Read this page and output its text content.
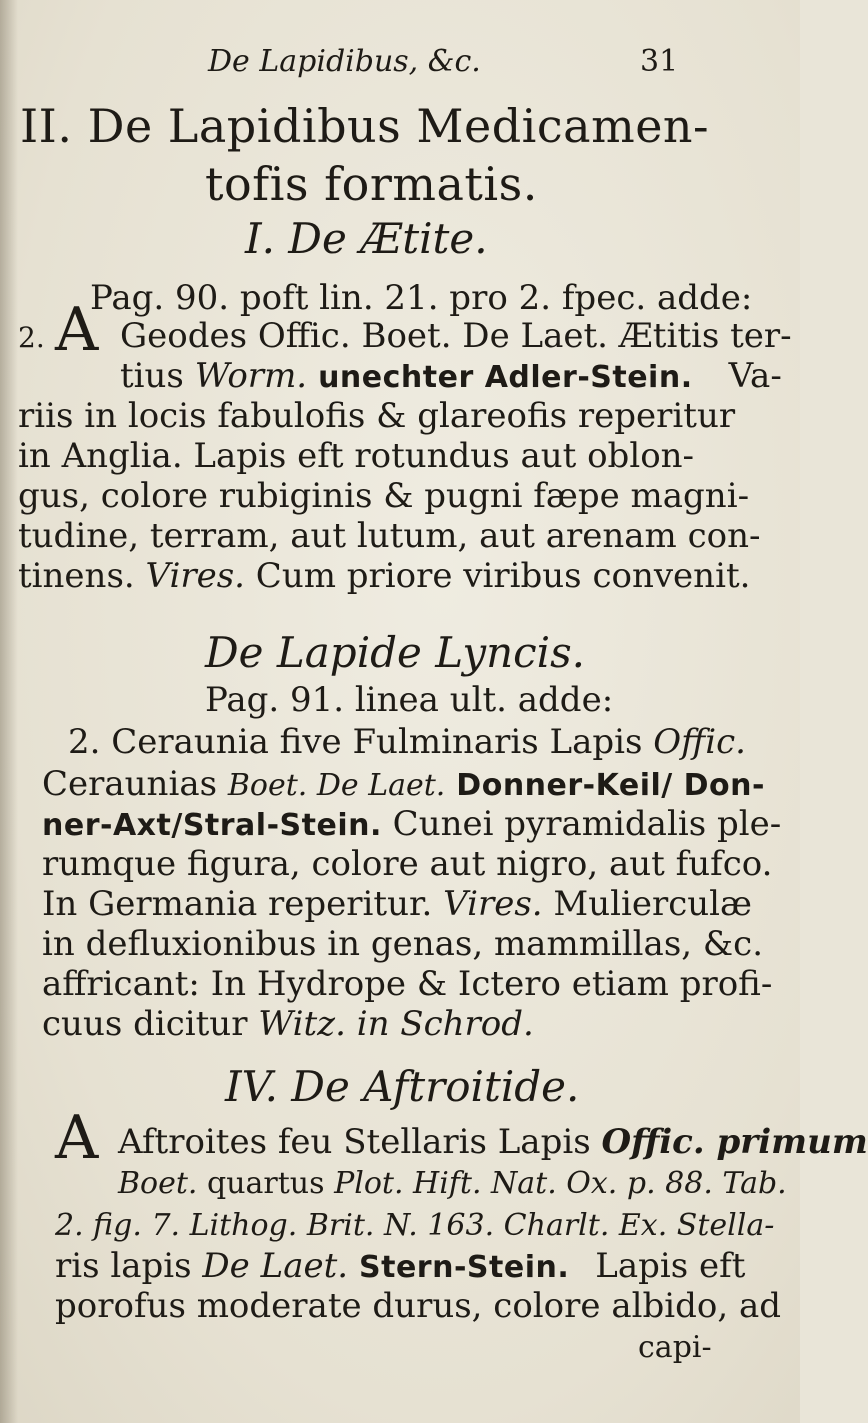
De Lapidibus, &c.	31
II. De Lapidibus Medicamen-
tofis formatis.
I. De Ætite.
Pag. 90. poft lin. 21. pro 2. fpec. adde:
2. A Geodes Offic. Boet. De Laet. Ætitis ter-
tius Worm. unechter Adler-Stein. Va-
riis in locis fabulofis & glareofis reperitur
in Anglia. Lapis eft rotundus aut oblon-
gus, colore rubiginis & pugni fæpe magni-
tudine, terram, aut lutum, aut arenam con-
tinens. Vires. Cum priore viribus convenit.
De Lapide Lyncis.
Pag. 91. linea ult. adde:
2. Ceraunia five Fulminaris Lapis Offic.
Ceraunias Boet. De Laet. Donner-Keil/ Don-
ner-Axt/Stral-Stein. Cunei pyramidalis ple-
rumque figura, colore aut nigro, aut fufco.
In Germania reperitur. Vires. Mulierculæ
in defluxionibus in genas, mammillas, &c.
affricant: In Hydrope & Ictero etiam profi-
cuus dicitur Witz. in Schrod.
IV. De Aftroitide.
A Aftroites feu Stellaris Lapis Offic. primum
Boet. quartus Plot. Hift. Nat. Ox. p. 88. Tab.
2. fig. 7. Lithog. Brit. N. 163. Charlt. Ex. Stella-
ris lapis De Laet. Stern-Stein. Lapis eft
porofus moderate durus, colore albido, ad
capi-
